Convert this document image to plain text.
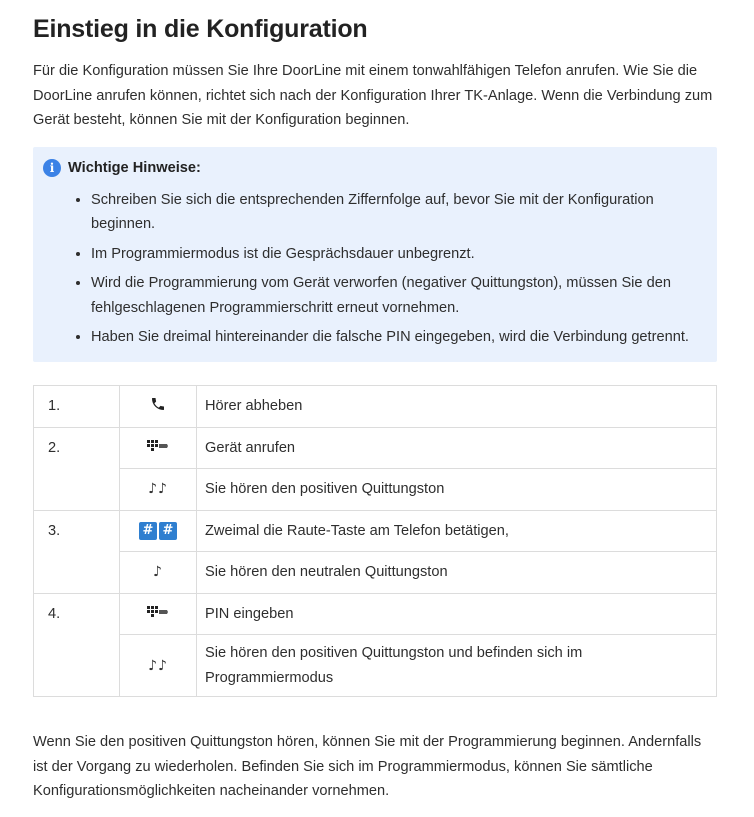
Einstieg in die Konfiguration

Für die Konfiguration müssen Sie Ihre DoorLine mit einem tonwahlfähigen Telefon anrufen. Wie Sie die DoorLine anrufen können, richtet sich nach der Konfiguration Ihrer TK-Anlage. Wenn die Verbindung zum Gerät besteht, können Sie mit der Konfiguration beginnen.

i Wichtige Hinweise:
• Schreiben Sie sich die entsprechenden Ziffernfolge auf, bevor Sie mit der Konfiguration beginnen.
• Im Programmiermodus ist die Gesprächsdauer unbegrenzt.
• Wird die Programmierung vom Gerät verworfen (negativer Quittungston), müssen Sie den fehlgeschlagenen Programmierschritt erneut vornehmen.
• Haben Sie dreimal hintereinander die falsche PIN eingegeben, wird die Verbindung getrennt.
1.		Hörer abheben
2.		Gerät anrufen
	♪♪	Sie hören den positiven Quittungston
3.	# #	Zweimal die Raute-Taste am Telefon betätigen,
	♪	Sie hören den neutralen Quittungston
4.		PIN eingeben
	♪♪	Sie hören den positiven Quittungston und befinden sich im Programmiermodus

Wenn Sie den positiven Quittungston hören, können Sie mit der Programmierung beginnen. Andernfalls ist der Vorgang zu wiederholen. Befinden Sie sich im Programmiermodus, können Sie sämtliche Konfigurationsmöglichkeiten nacheinander vornehmen.
